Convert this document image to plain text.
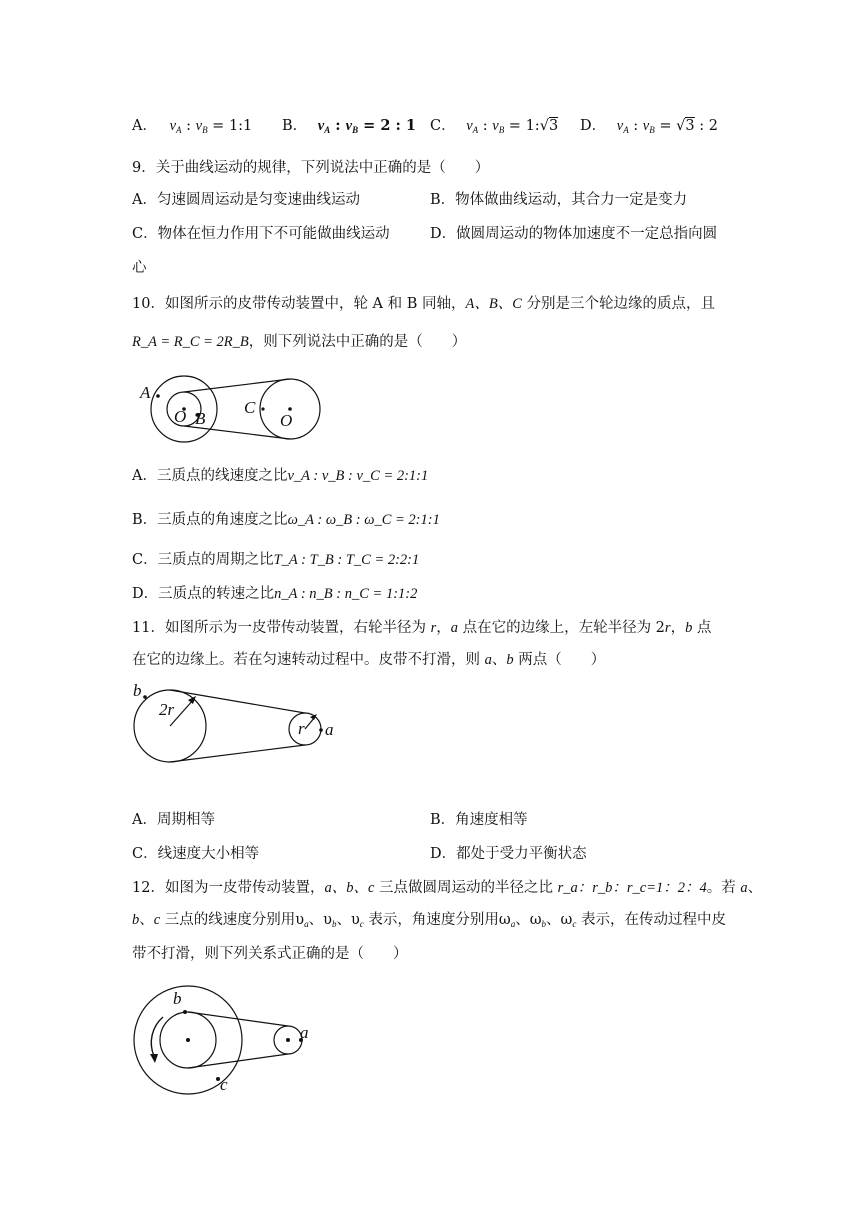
A． $v_A$ : $v_B$ = 1:1 B． $v_A$ : $v_B = 2$ : 1 C． $v_A$ : $v_B$ = 1:√3 D． $v_A$ : $v_B = √3$ : 2
9．关于曲线运动的规律，下列说法中正确的是（　　）
A．匀速圆周运动是匀变速曲线运动	B．物体做曲线运动，其合力一定是变力
C．物体在恒力作用下不可能做曲线运动	D．做圆周运动的物体加速度不一定总指向圆
心
10．如图所示的皮带传动装置中，轮 A 和 B 同轴，A、B、C 分别是三个轮边缘的质点，且
R_A = R_C = 2R_B，则下列说法中正确的是（　　）
A
B
O	C
O
A．三质点的线速度之比v_A : v_B : v_C = 2:1:1
B．三质点的角速度之比ω_A : ω_B : ω_C = 2:1:1
C．三质点的周期之比T_A : T_B : T_C = 2:2:1
D．三质点的转速之比n_A : n_B : n_C = 1:1:2
11．如图所示为一皮带传动装置，右轮半径为 r，a 点在它的边缘上，左轮半径为 2r，b 点
在它的边缘上。若在匀速转动过程中。皮带不打滑，则 a、b 两点（　　）
b
2r
r a
A．周期相等	B．角速度相等
C．线速度大小相等	D．都处于受力平衡状态
12．如图为一皮带传动装置，a、b、c 三点做圆周运动的半径之比 r_a：r_b：r_c=1：2：4。若 a、
b、c 三点的线速度分别用$\upsilon_a$、$\upsilon_b$、$\upsilon_c$ 表示，角速度分别用$\omega_a$、$\omega_b$、$\omega_c$ 表示，在传动过程中皮
带不打滑，则下列关系式正确的是（　　）
b
a
c
